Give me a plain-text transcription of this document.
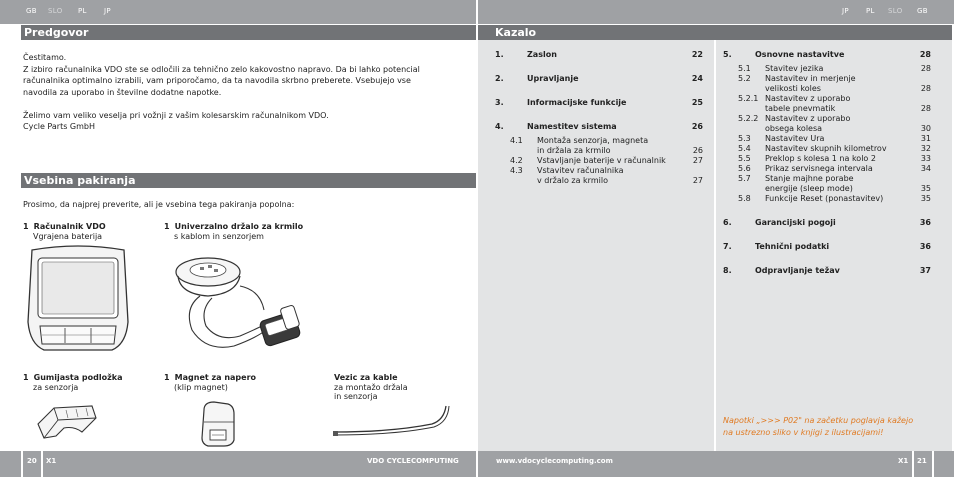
GB SLO PL JP	JP PL SLO GB
Predgovor
Čestitamo.
Z izbiro računalnika VDO ste se odločili za tehnično zelo kakovostno napravo. Da bi lahko potencial
računalnika optimalno izrabili, vam priporočamo, da ta navodila skrbno preberete. Vsebujejo vse
navodila za uporabo in številne dodatne napotke.
Želimo vam veliko veselja pri vožnji z vašim kolesarskim računalnikom VDO.
Cycle Parts GmbH
Vsebina pakiranja
Prosimo, da najprej preverite, ali je vsebina tega pakiranja popolna:
1 Računalnik VDO
Vgrajena baterija
1 Univerzalno držalo za krmilo
s kablom in senzorjem
1 Gumijasta podložka
za senzorja
1 Magnet za napero
(klip magnet)
Vezic za kable
za montažo držala
in senzorja
Kazalo
1.	Zaslon	22
2.	Upravljanje	24
3.	Informacijske funkcije	25
4.	Namestitev sistema	26
4.1 Montaža senzorja, magneta
in držala za krmilo	26
4.2 Vstavljanje baterije v računalnik	27
4.3 Vstavitev računalnika
v držalo za krmilo	27
5.	Osnovne nastavitve	28
5.1 Stavitev jezika	28
5.2 Nastavitev in merjenje
velikosti koles	28
5.2.1 Nastavitev z uporabo
tabele pnevmatik	28
5.2.2 Nastavitev z uporabo
obsega kolesa	30
5.3 Nastavitev Ura	31
5.4 Nastavitev skupnih kilometrov	32
5.5 Preklop s kolesa 1 na kolo 2	33
5.6 Prikaz servisnega intervala	34
5.7 Stanje majhne porabe
energije (sleep mode)	35
5.8 Funkcije Reset (ponastavitev)	35
6.	Garancijski pogoji	36
7.	Tehnični podatki	36
8.	Odpravljanje težav	37
Napotki „>>> P02" na začetku poglavja kažejo
na ustrezno sliko v knjigi z ilustracijami!
20 X1	VDO CYCLECOMPUTING	www.vdocyclecomputing.com	X1 21
